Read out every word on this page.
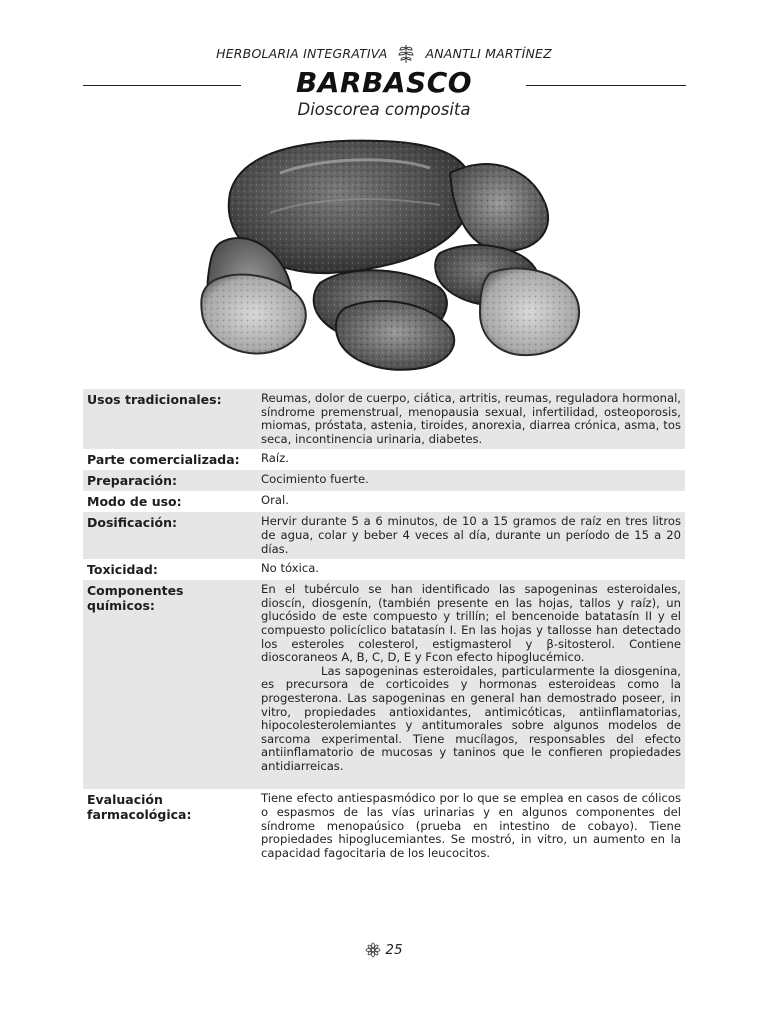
HERBOLARIA INTEGRATIVA	ANANTLI MARTÍNEZ
BARBASCO
Dioscorea composita
Usos tradicionales:	Reumas, dolor de cuerpo, ciática, artritis, reumas, reguladora hormonal, síndrome premenstrual, menopausia sexual, infertilidad, osteoporosis, miomas, próstata, astenia, tiroides, anorexia, diarrea crónica, asma, tos seca, incontinencia urinaria, diabetes.
Parte comercializada:	Raíz.
Preparación:	Cocimiento fuerte.
Modo de uso:	Oral.
Dosificación:	Hervir durante 5 a 6 minutos, de 10 a 15 gramos de raíz en tres litros de agua, colar y beber 4 veces al día, durante un período de 15 a 20 días.
Toxicidad:	No tóxica.
Componentes químicos:	En el tubérculo se han identificado las sapogeninas esteroidales, dioscín, diosgenín, (también presente en las hojas, tallos y raíz), un glucósido de este compuesto y trillín; el bencenoide batatasín II y el compuesto policíclico batatasín I. En las hojas y tallosse han detectado los esteroles colesterol, estigmasterol y β-sitosterol. Contiene dioscoraneos A, B, C, D, E y Fcon efecto hipoglucémico.
Las sapogeninas esteroidales, particularmente la diosgenina, es precursora de corticoides y hormonas esteroideas como la progesterona. Las sapogeninas en general han demostrado poseer, in vitro, propiedades antioxidantes, antimicóticas, antiinflamatorias, hipocolesterolemiantes y antitumorales sobre algunos modelos de sarcoma experimental. Tiene mucílagos, responsables del efecto antiinflamatorio de mucosas y taninos que le confieren propiedades antidiarreicas.

Evaluación farmacológica:	Tiene efecto antiespasmódico por lo que se emplea en casos de cólicos o espasmos de las vías urinarias y en algunos componentes del síndrome menopaúsico (prueba en intestino de cobayo). Tiene propiedades hipoglucemiantes. Se mostró, in vitro, un aumento en la capacidad fagocitaria de los leucocitos.
25
